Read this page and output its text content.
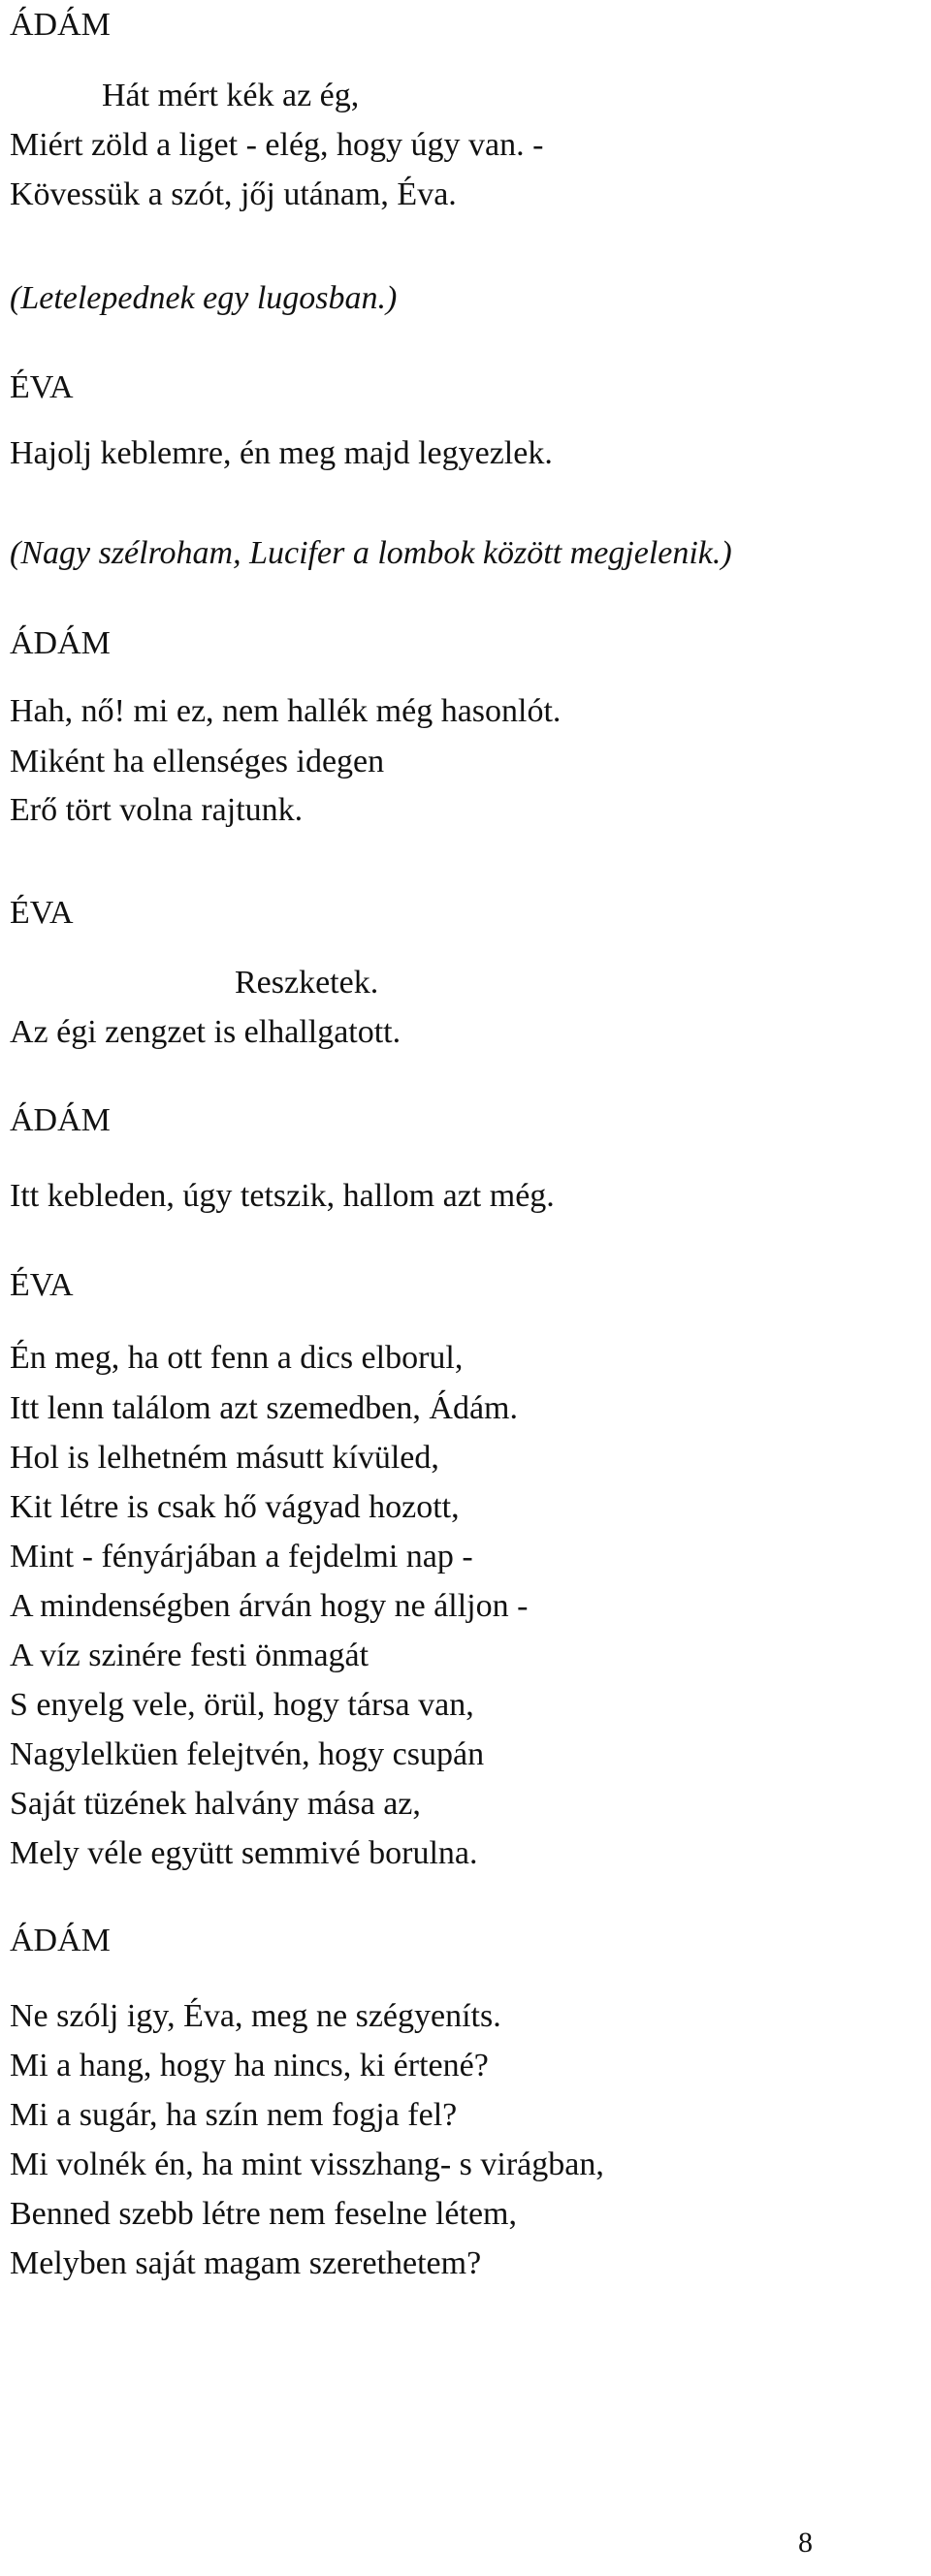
ÁDÁM
Hát mért kék az ég,
Miért zöld a liget - elég, hogy úgy van. -
Kövessük a szót, jőj utánam, Éva.
(Letelepednek egy lugosban.)
ÉVA
Hajolj keblemre, én meg majd legyezlek.
(Nagy szélroham, Lucifer a lombok között megjelenik.)
ÁDÁM
Hah, nő! mi ez, nem hallék még hasonlót.
Miként ha ellenséges idegen
Erő tört volna rajtunk.
ÉVA
Reszketek.
Az égi zengzet is elhallgatott.
ÁDÁM
Itt kebleden, úgy tetszik, hallom azt még.
ÉVA
Én meg, ha ott fenn a dics elborul,
Itt lenn találom azt szemedben, Ádám.
Hol is lelhetném másutt kívüled,
Kit létre is csak hő vágyad hozott,
Mint - fényárjában a fejdelmi nap -
A mindenségben árván hogy ne álljon -
A víz szinére festi önmagát
S enyelg vele, örül, hogy társa van,
Nagylelküen felejtvén, hogy csupán
Saját tüzének halvány mása az,
Mely véle együtt semmivé borulna.
ÁDÁM
Ne szólj igy, Éva, meg ne szégyeníts.
Mi a hang, hogy ha nincs, ki értené?
Mi a sugár, ha szín nem fogja fel?
Mi volnék én, ha mint visszhang- s virágban,
Benned szebb létre nem feselne létem,
Melyben saját magam szerethetem?
8
